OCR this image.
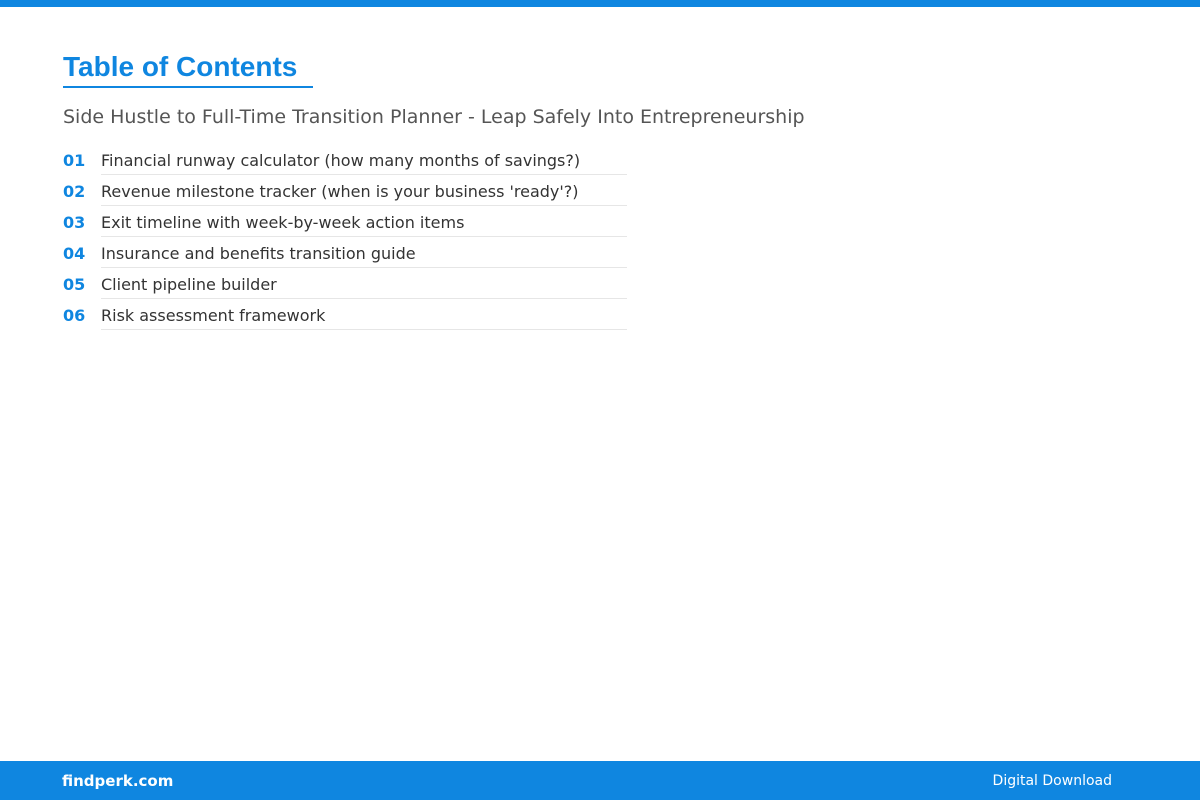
Table of Contents

Side Hustle to Full-Time Transition Planner - Leap Safely Into Entrepreneurship

01 Financial runway calculator (how many months of savings?)
02 Revenue milestone tracker (when is your business 'ready'?)
03 Exit timeline with week-by-week action items
04 Insurance and benefits transition guide
05 Client pipeline builder
06 Risk assessment framework
findperk.com	Digital Download
